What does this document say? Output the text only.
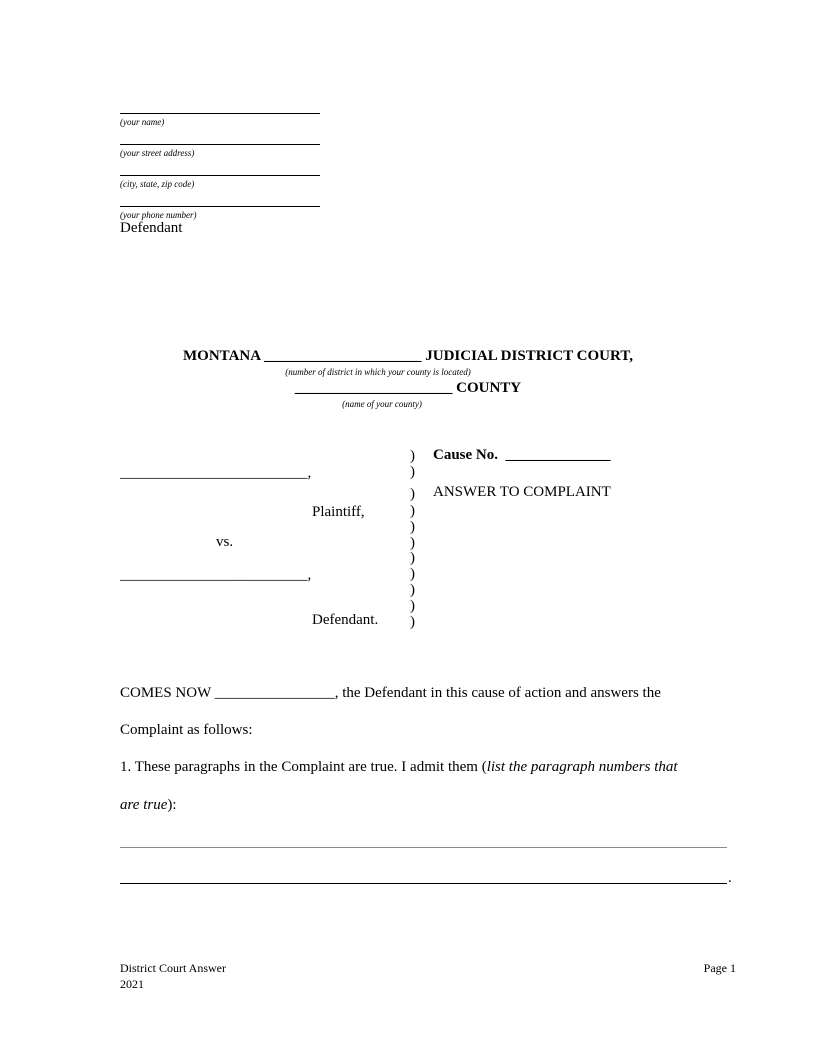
(your name)
(your street address)
(city, state, zip code)
(your phone number)
Defendant
MONTANA _____________________ JUDICIAL DISTRICT COURT,
(number of district in which your county is located)
_____________________ COUNTY
(name of your county)
)
)
)
)
)
)
)
)
)
)
)
_________________________,
Plaintiff,
vs.
_________________________,
Defendant.
Cause No. ______________
ANSWER TO COMPLAINT
COMES NOW ________________, the Defendant in this cause of action and answers the
Complaint as follows:
1. These paragraphs in the Complaint are true. I admit them (list the paragraph numbers that
are true):
.
District Court Answer
2021
Page 1
